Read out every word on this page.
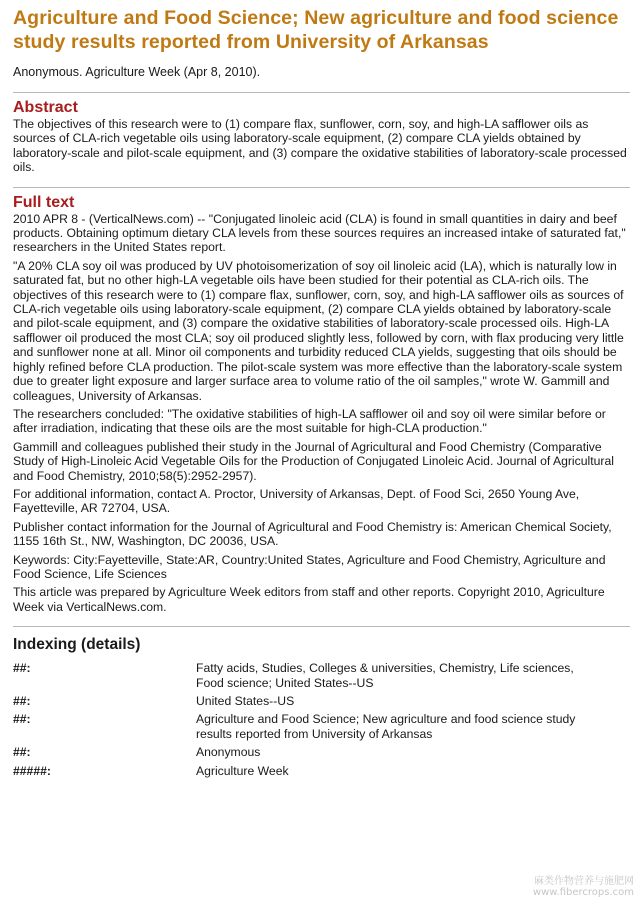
Agriculture and Food Science; New agriculture and food science study results reported from University of Arkansas
Anonymous. Agriculture Week (Apr 8, 2010).
Abstract

The objectives of this research were to (1) compare flax, sunflower, corn, soy, and high-LA safflower oils as sources of CLA-rich vegetable oils using laboratory-scale equipment, (2) compare CLA yields obtained by laboratory-scale and pilot-scale equipment, and (3) compare the oxidative stabilities of laboratory-scale processed oils.

Full text

2010 APR 8 - (VerticalNews.com) -- "Conjugated linoleic acid (CLA) is found in small quantities in dairy and beef products. Obtaining optimum dietary CLA levels from these sources requires an increased intake of saturated fat," researchers in the United States report.

"A 20% CLA soy oil was produced by UV photoisomerization of soy oil linoleic acid (LA), which is naturally low in saturated fat, but no other high-LA vegetable oils have been studied for their potential as CLA-rich oils. The objectives of this research were to (1) compare flax, sunflower, corn, soy, and high-LA safflower oils as sources of CLA-rich vegetable oils using laboratory-scale equipment, (2) compare CLA yields obtained by laboratory-scale and pilot-scale equipment, and (3) compare the oxidative stabilities of laboratory-scale processed oils. High-LA safflower oil produced the most CLA; soy oil produced slightly less, followed by corn, with flax producing very little and sunflower none at all. Minor oil components and turbidity reduced CLA yields, suggesting that oils should be highly refined before CLA production. The pilot-scale system was more effective than the laboratory-scale system due to greater light exposure and larger surface area to volume ratio of the oil samples," wrote W. Gammill and colleagues, University of Arkansas.

The researchers concluded: "The oxidative stabilities of high-LA safflower oil and soy oil were similar before or after irradiation, indicating that these oils are the most suitable for high-CLA production."

Gammill and colleagues published their study in the Journal of Agricultural and Food Chemistry (Comparative Study of High-Linoleic Acid Vegetable Oils for the Production of Conjugated Linoleic Acid. Journal of Agricultural and Food Chemistry, 2010;58(5):2952-2957).

For additional information, contact A. Proctor, University of Arkansas, Dept. of Food Sci, 2650 Young Ave, Fayetteville, AR 72704, USA.

Publisher contact information for the Journal of Agricultural and Food Chemistry is: American Chemical Society, 1155 16th St., NW, Washington, DC 20036, USA.

Keywords: City:Fayetteville, State:AR, Country:United States, Agriculture and Food Chemistry, Agriculture and Food Science, Life Sciences

This article was prepared by Agriculture Week editors from staff and other reports. Copyright 2010, Agriculture Week via VerticalNews.com.

Indexing (details)
##:	Fatty acids, Studies, Colleges & universities, Chemistry, Life sciences, Food science; United States--US
##:	United States--US
##:	Agriculture and Food Science; New agriculture and food science study results reported from University of Arkansas
##:	Anonymous
#####:	Agriculture Week
麻类作物营养与施肥网
www.fibercrops.com
